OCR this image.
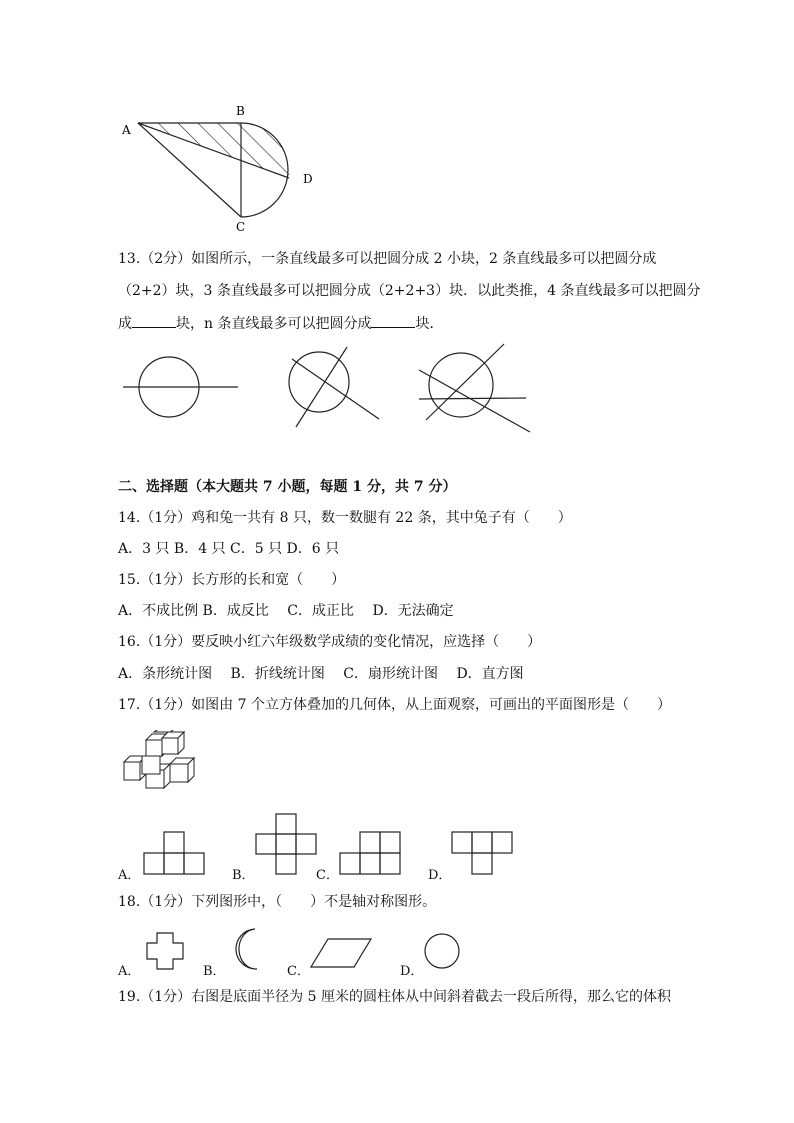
A
B
C
D
13.（2分）如图所示，一条直线最多可以把圆分成 2 小块，2 条直线最多可以把圆分成
（2+2）块，3 条直线最多可以把圆分成（2+2+3）块．以此类推，4 条直线最多可以把圆分
成	块，n 条直线最多可以把圆分成	块．
二、选择题（本大题共 7 小题，每题 1 分，共 7 分）
14.（1分）鸡和兔一共有 8 只，数一数腿有 22 条，其中兔子有（　　）
A．3 只 B．4 只 C．5 只 D．6 只
15.（1分）长方形的长和宽（　　）
A．不成比例 B．成反比　 C．成正比　 D．无法确定
16.（1分）要反映小红六年级数学成绩的变化情况，应选择（　　）
A．条形统计图　 B．折线统计图　 C．扇形统计图　 D．直方图
17.（1分）如图由 7 个立方体叠加的几何体，从上面观察，可画出的平面图形是（　　）
A．	B．	C．	D．
18.（1分）下列图形中，（　　）不是轴对称图形。
A．	B．	C．	D．
19.（1分）右图是底面半径为 5 厘米的圆柱体从中间斜着截去一段后所得，那么它的体积
